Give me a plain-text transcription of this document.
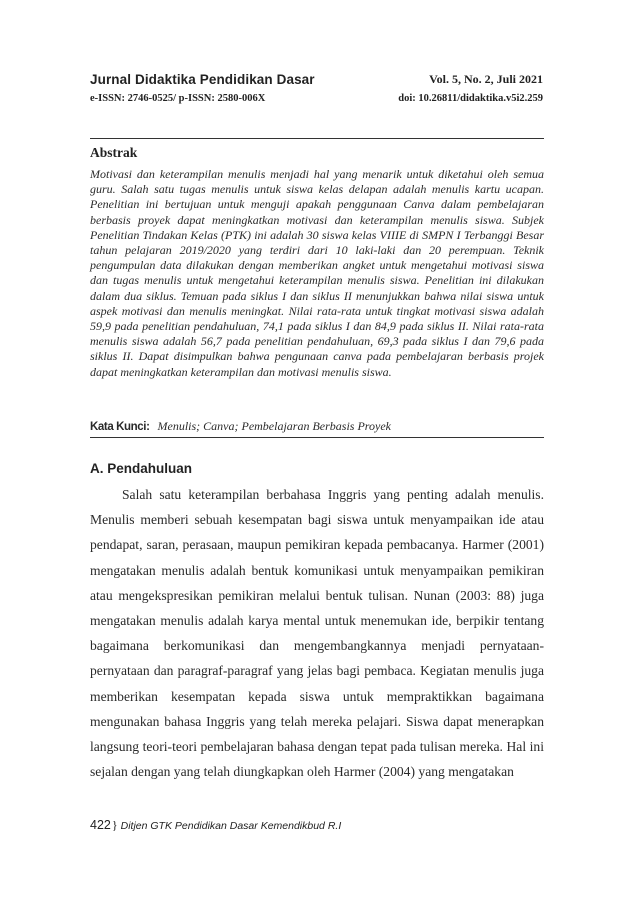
Jurnal Didaktika Pendidikan Dasar
e-ISSN: 2746-0525/ p-ISSN: 2580-006X
Vol. 5, No. 2, Juli 2021
doi: 10.26811/didaktika.v5i2.259
Abstrak
Motivasi dan keterampilan menulis menjadi hal yang menarik untuk diketahui oleh semua guru. Salah satu tugas menulis untuk siswa kelas delapan adalah menulis kartu ucapan. Penelitian ini bertujuan untuk menguji apakah penggunaan Canva dalam pembelajaran berbasis proyek dapat meningkatkan motivasi dan keterampilan menulis siswa. Subjek Penelitian Tindakan Kelas (PTK) ini adalah 30 siswa kelas VIIIE di SMPN I Terbanggi Besar tahun pelajaran 2019/2020 yang terdiri dari 10 laki-laki dan 20 perempuan. Teknik pengumpulan data dilakukan dengan memberikan angket untuk mengetahui motivasi siswa dan tugas menulis untuk mengetahui keterampilan menulis siswa. Penelitian ini dilakukan dalam dua siklus. Temuan pada siklus I dan siklus II menunjukkan bahwa nilai siswa untuk aspek motivasi dan menulis meningkat. Nilai rata-rata untuk tingkat motivasi siswa adalah 59,9 pada penelitian pendahuluan, 74,1 pada siklus I dan 84,9 pada siklus II. Nilai rata-rata menulis siswa adalah 56,7 pada penelitian pendahuluan, 69,3 pada siklus I dan 79,6 pada siklus II. Dapat disimpulkan bahwa pengunaan canva pada pembelajaran berbasis projek dapat meningkatkan keterampilan dan motivasi menulis siswa.
Kata Kunci: Menulis; Canva; Pembelajaran Berbasis Proyek
A. Pendahuluan
Salah satu keterampilan berbahasa Inggris yang penting adalah menulis. Menulis memberi sebuah kesempatan bagi siswa untuk menyampaikan ide atau pendapat, saran, perasaan, maupun pemikiran kepada pembacanya. Harmer (2001) mengatakan menulis adalah bentuk komunikasi untuk menyampaikan pemikiran atau mengekspresikan pemikiran melalui bentuk tulisan. Nunan (2003: 88) juga mengatakan menulis adalah karya mental untuk menemukan ide, berpikir tentang bagaimana berkomunikasi dan mengembangkannya menjadi pernyataan-pernyataan dan paragraf-paragraf yang jelas bagi pembaca. Kegiatan menulis juga memberikan kesempatan kepada siswa untuk mempraktikkan bagaimana mengunakan bahasa Inggris yang telah mereka pelajari. Siswa dapat menerapkan langsung teori-teori pembelajaran bahasa dengan tepat pada tulisan mereka. Hal ini sejalan dengan yang telah diungkapkan oleh Harmer (2004) yang mengatakan
422} Ditjen GTK Pendidikan Dasar Kemendikbud R.I
